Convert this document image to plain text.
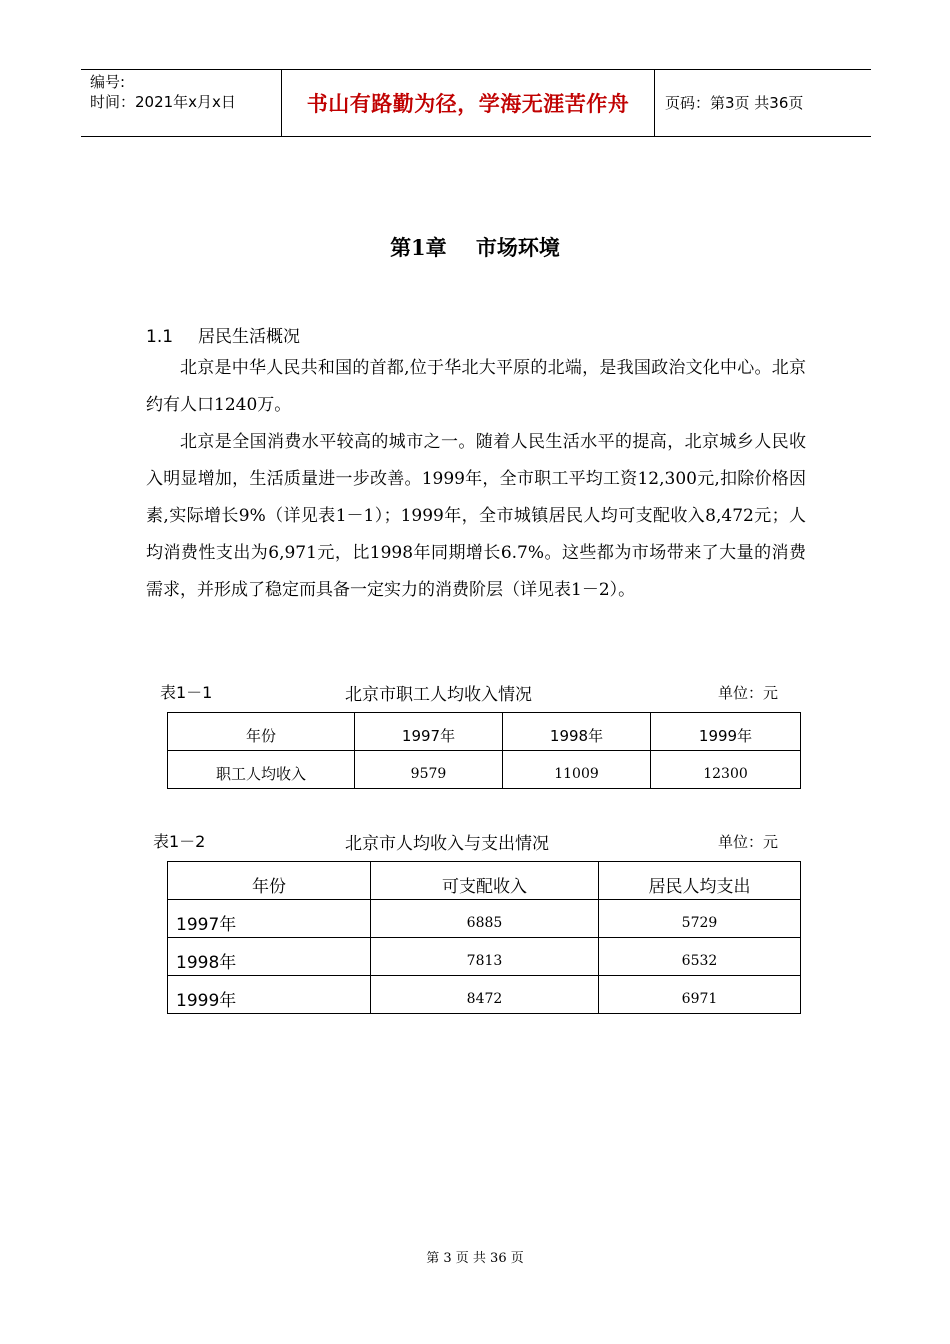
编号:
时间：2021年x月x日	书山有路勤为径，学海无涯苦作舟	页码：第3页 共36页
第1章    市场环境
1.1 居民生活概况
北京是中华人民共和国的首都,位于华北大平原的北端，是我国政治文化中心。北京约有人口1240万。
北京是全国消费水平较高的城市之一。随着人民生活水平的提高，北京城乡人民收入明显增加，生活质量进一步改善。1999年，全市职工平均工资12,300元,扣除价格因素,实际增长9%（详见表1－1）；1999年，全市城镇居民人均可支配收入8,472元；人均消费性支出为6,971元，比1998年同期增长6.7%。这些都为市场带来了大量的消费需求，并形成了稳定而具备一定实力的消费阶层（详见表1－2）。
表1－1	北京市职工人均收入情况	单位：元
年份	1997年	1998年	1999年
职工人均收入	9579	11009	12300
表1－2	北京市人均收入与支出情况	单位：元
年份	可支配收入	居民人均支出
1997年	6885	5729
1998年	7813	6532
1999年	8472	6971
第 3 页 共 36 页
